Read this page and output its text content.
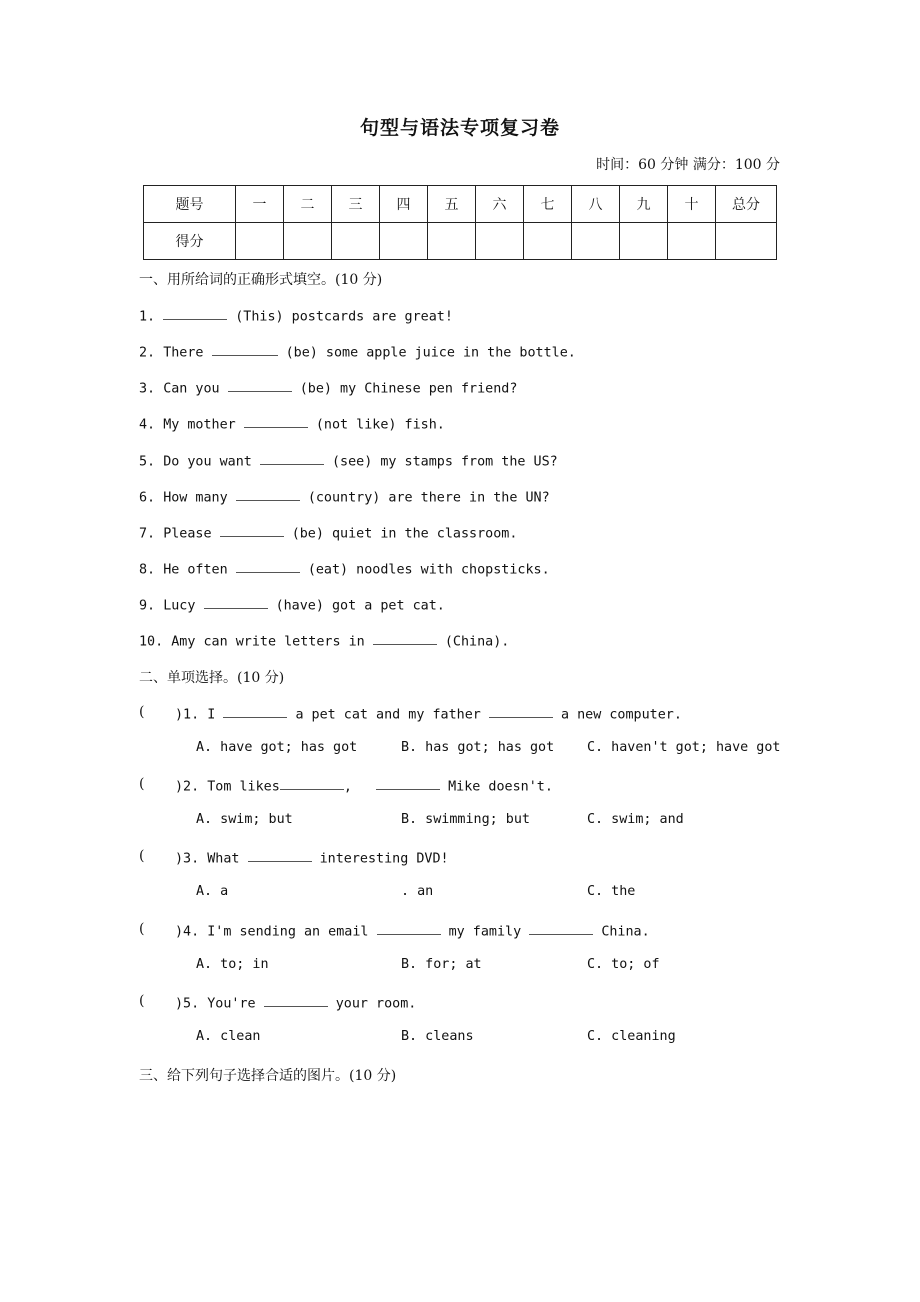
句型与语法专项复习卷
时间：60 分钟 满分：100 分
题号	一	二	三	四	五	六	七	八	九	十	总分
得分											
一、用所给词的正确形式填空。(10 分)
1.	(This) postcards are great!
2. There	(be) some apple juice in the bottle.
3. Can you	(be) my Chinese pen friend?
4. My mother	(not like) fish.
5. Do you want	(see) my stamps from the US?
6. How many	(country) are there in the UN?
7. Please	(be) quiet in the classroom.
8. He often	(eat) noodles with chopsticks.
9. Lucy	(have) got a pet cat.
10. Amy can write letters in	(China).
二、单项选择。(10 分)
( )1. I	a pet cat and my father	a new computer.
A. have got; has got	B. has got; has got C. haven't got; have got
( )2. Tom likes	,	Mike doesn't.
A. swim; but	B. swimming; but	C. swim; and
( )3. What	interesting DVD!
A. a	. an	C. the
( )4. I'm sending an email	my family	China.
A. to; in	B. for; at	C. to; of
( )5. You're	your room.
A. clean	B. cleans	C. cleaning
三、给下列句子选择合适的图片。(10 分)
